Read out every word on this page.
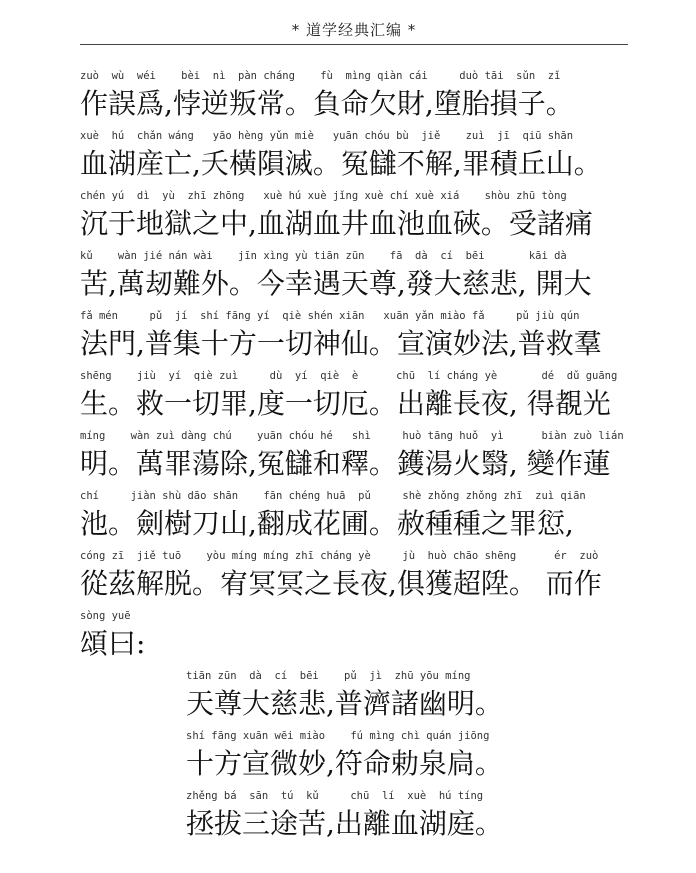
* 道学经典汇编 *
zuò  wù  wéi    bèi  nì  pàn cháng    fù  mìng qiàn cái     duò tāi  sǔn  zǐ
作誤爲,悖逆叛常。負命欠財,墮胎損子。
xuè  hú  chǎn wáng   yāo hèng yǔn miè   yuān chóu bù  jiě    zuì  jī  qiū shān
血湖産亡,夭橫隕滅。冤讎不解,罪積丘山。
chén yú  dì  yù  zhī zhōng   xuè hú xuè jǐng xuè chí xuè xiá    shòu zhū tòng
沉于地獄之中,血湖血井血池血硤。受諸痛
kǔ    wàn jié nán wài    jīn xìng yù tiān zūn    fā  dà  cí  bēi       kāi dà
苦,萬刼難外。今幸遇天尊,發大慈悲, 開大
fǎ mén     pǔ  jí  shí fāng yí  qiè shén xiān   xuān yǎn miào fǎ     pǔ jiù qún
法門,普集十方一切神仙。宣演妙法,普救羣
shēng    jiù  yí  qiè zuì     dù  yí  qiè  è      chū  lí cháng yè       dé  dǔ guāng
生。救一切罪,度一切厄。出離長夜, 得覩光
míng    wàn zuì dàng chú    yuān chóu hé   shì     huò tāng huǒ  yì      biàn zuò lián
明。萬罪蕩除,冤讎和釋。鑊湯火翳, 變作蓮
chí     jiàn shù dāo shān    fān chéng huā  pǔ     shè zhǒng zhǒng zhī  zuì qiān
池。劍樹刀山,翻成花圃。赦種種之罪愆,
cóng zī  jiě tuō    yòu míng míng zhī cháng yè     jù  huò chāo shēng      ér  zuò
從茲解脱。宥冥冥之長夜,俱獲超陞。 而作
sòng yuē
頌曰:
tiān zūn  dà  cí  bēi    pǔ  jì  zhū yōu míng
天尊大慈悲,普濟諸幽明。
shí fāng xuān wēi miào    fú mìng chì quán jiōng
十方宣微妙,符命勅泉扃。
zhěng bá  sān  tú  kǔ     chū  lí  xuè  hú tíng
拯拔三途苦,出離血湖庭。
